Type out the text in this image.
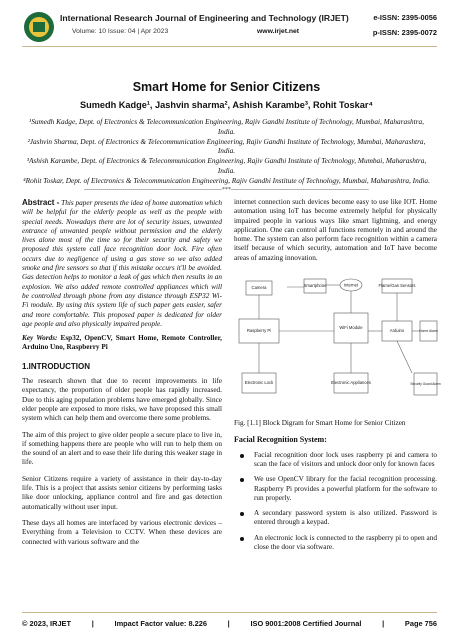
International Research Journal of Engineering and Technology (IRJET)	e-ISSN: 2395-0056
Volume: 10 Issue: 04 | Apr 2023	www.irjet.net	p-ISSN: 2395-0072
Smart Home for Senior Citizens
Sumedh Kadge¹, Jashvin sharma², Ashish Karambe³, Rohit Toskar⁴

¹Sumedh Kadge, Dept. of Electronics & Telecommunication Engineering, Rajiv Gandhi Institute of Technology, Mumbai, Maharashtra, India.

²Jashvin Sharma, Dept. of Electronics & Telecommunication Engineering, Rajiv Gandhi Institute of Technology, Mumbai, Maharashtra, India.

³Ashish Karambe, Dept. of Electronics & Telecommunication Engineering, Rajiv Gandhi Institute of Technology, Mumbai, Maharashtra, India.

⁴Rohit Toskar, Dept. of Electronics & Telecommunication Engineering, Rajiv Gandhi Institute of Technology, Mumbai, Maharashtra, India.

---------------------------------------------------------------------***---------------------------------------------------------------------
Abstract - This paper presents the idea of home automation which will be helpful for the elderly people as well as the people with special needs. Nowadays there are lot of security issues, unwanted entrance of unwanted people without permission and the elderly lives alone most of the time so for their security and safety we proposed this system call face recognition door lock. Fire often occurs due to negligence of using a gas stove so we also added smoke and fire sensors so that if this mistake occurs it'll be avoided. Gas detection helps to monitor a leak of gas which then results in an explosion. We also added remote controlled appliances which will be controlled through phone from any distance through ESP32 Wi-Fi module. By using this system life of such paper gets easier, safer and more comfortable. This proposed paper is dedicated for older age people and also physically impaired people.
Key Words: Esp32, OpenCV, Smart Home, Remote Controller, Arduino Uno, Raspberry Pi
1.INTRODUCTION

The research shown that due to recent improvements in life expectancy, the proportion of older people has rapidly increased. Due to this aging population problems have emerged globally. Since elder people are exposed to more risks, we have proposed this small system which can help them and overcome there some problems.

The aim of this project to give older people a secure place to live in, if something happens there are people who will run to help them on the sound of an alert and to ease their life during this weaker stage in life.

Senior Citizens require a variety of assistance in their day-to-day life. This is a project that assists senior citizens by performing tasks like door unlocking, appliance control and fire and gas detection automatically without user input.

These days all homes are interfaced by various electronic devices – Everything from a Television to CCTV. When these devices are connected with various software and the

internet connection such devices become easy to use like IOT. Home automation using IoT has become extremely helpful for physically impaired people in various ways like smart lightning, and energy application. One can control all functions remotely in and around the home. The system can also perform face recognition within a camera itself because of which security, automation and IoT have become areas of amazing innovation.

Camera	Smartphone	Internet	Flame/Gas Sensors
Raspberry Pi
WiFi Module
Arduino	Home Alarm
Electronic Lock	Electronic Appliances	Security Guard Alarm
Fig. [1.1] Block Digram for Smart Home for Senior Citizen
Facial Recognition System:
Facial recognition door lock uses raspberry pi and camera to scan the face of visitors and unlock door only for known faces
We use OpenCV library for the facial recognition processing. Raspberry Pi provides a powerful platform for the software to run properly.
A secondary password system is also utilized. Password is entered through a keypad.
An electronic lock is connected to the raspberry pi to open and close the door via software.
© 2023, IRJET	|	Impact Factor value: 8.226	|	ISO 9001:2008 Certified Journal	|	Page 756
